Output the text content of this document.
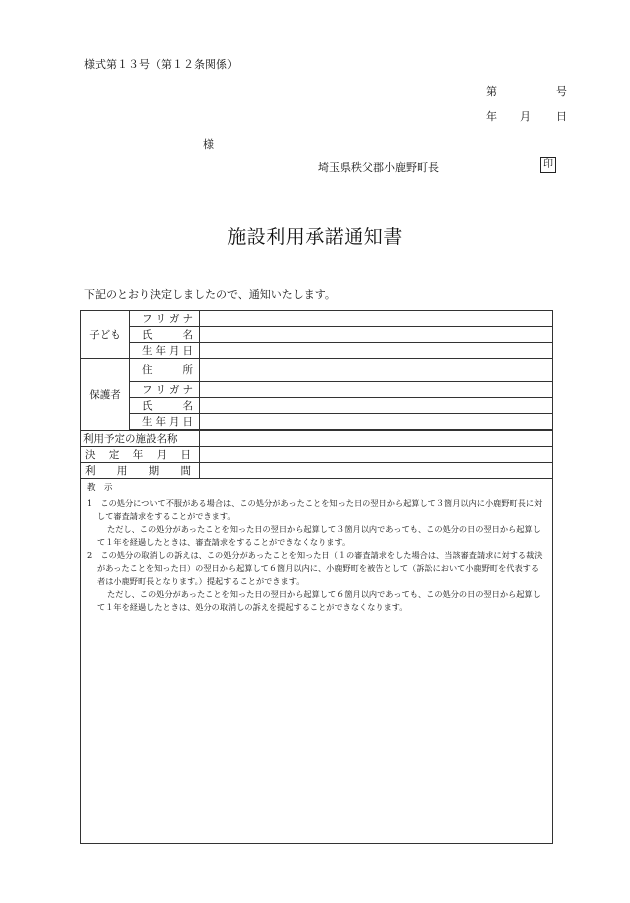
様式第１３号（第１２条関係）
第	号
年 月 日
様
埼玉県秩父郡小鹿野町長	印
施設利用承諾通知書
下記のとおり決定しましたので、通知いたします。
子ども	フ リ ガ ナ	

	氏 名	

	生 年 月 日	

保護者	住 所	

	フ リ ガ ナ	

	氏 名	

	生 年 月 日	

利用予定の施設名称		

決 定 年 月 日		

利 用 期 間		

教　示

1　この処分について不服がある場合は、この処分があったことを知った日の翌日から起算して３箇月以内に小鹿野町長に対して審査請求をすることができます。

ただし、この処分があったことを知った日の翌日から起算して３箇月以内であっても、この処分の日の翌日から起算して１年を経過したときは、審査請求をすることができなくなります。

2　この処分の取消しの訴えは、この処分があったことを知った日（１の審査請求をした場合は、当該審査請求に対する裁決があったことを知った日）の翌日から起算して６箇月以内に、小鹿野町を被告として（訴訟において小鹿野町を代表する者は小鹿野町長となります。）提起することができます。

ただし、この処分があったことを知った日の翌日から起算して６箇月以内であっても、この処分の日の翌日から起算して１年を経過したときは、処分の取消しの訴えを提起することができなくなります。		
